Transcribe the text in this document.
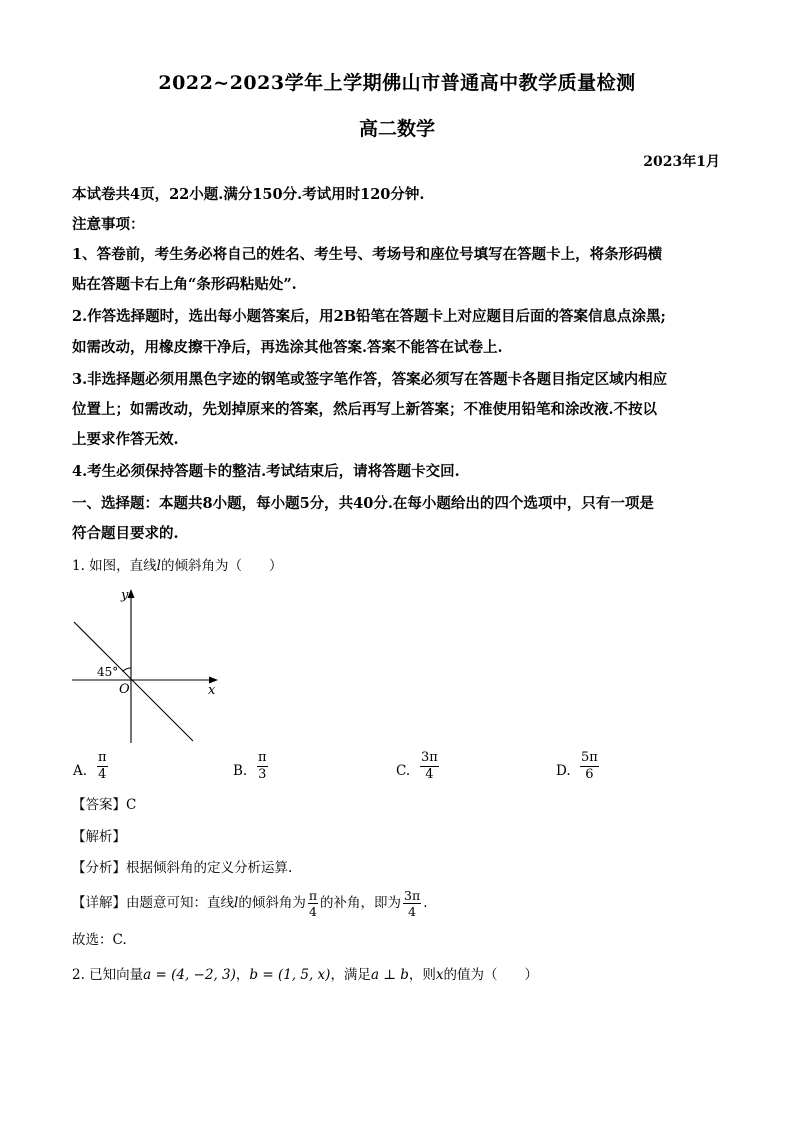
2022~2023学年上学期佛山市普通高中教学质量检测
高二数学
2023年1月
本试卷共4页，22小题.满分150分.考试用时120分钟.
注意事项：
1、答卷前，考生务必将自己的姓名、考生号、考场号和座位号填写在答题卡上，将条形码横
贴在答题卡右上角“条形码粘贴处”.
2.作答选择题时，选出每小题答案后，用2B铅笔在答题卡上对应题目后面的答案信息点涂黑;
如需改动，用橡皮擦干净后，再选涂其他答案.答案不能答在试卷上.
3.非选择题必须用黑色字迹的钢笔或签字笔作答，答案必须写在答题卡各题目指定区域内相应
位置上；如需改动，先划掉原来的答案，然后再写上新答案；不准使用铅笔和涂改液.不按以
上要求作答无效.
4.考生必须保持答题卡的整洁.考试结束后，请将答题卡交回.
一、选择题：本题共8小题，每小题5分，共40分.在每小题给出的四个选项中，只有一项是
符合题目要求的.
1. 如图，直线l的倾斜角为（　　）
y
x
O
45°
A. $\frac{\pi}{4}$	B. $\frac{\pi}{3}$	C. $\frac{3\pi}{4}$	D. $\frac{5\pi}{6}$
【答案】C
【解析】
【分析】根据倾斜角的定义分析运算.
【详解】由题意可知：直线l的倾斜角为 $\frac{\pi}{4}$ 的补角，即为 $\frac{3\pi}{4}$ .
故选：C.
2. 已知向量a = (4, −2, 3)，b = (1, 5, x)，满足a ⊥ b，则x的值为（　　）
